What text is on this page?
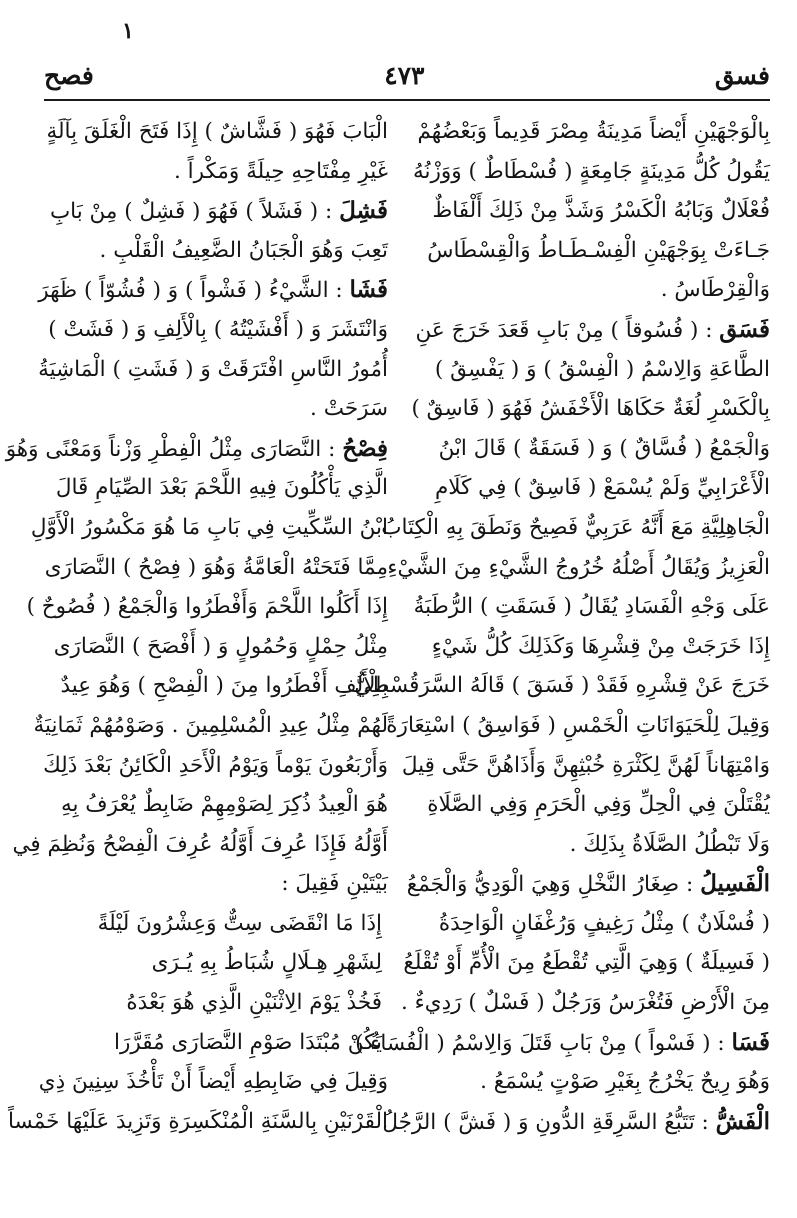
١
فسق
٤٧٣
فصح
بِالْوَجْهَيْنِ أَيْضاً مَدِينَةُ مِصْرَ قَدِيماً وَبَعْضُهُمْ
يَقُولُ كُلُّ مَدِينَةٍ جَامِعَةٍ ( فُسْطَاطٌ ) وَوَزْنُهُ
فُعْلَالٌ وَبَابُهُ الْكَسْرُ وَشَذَّ مِنْ ذَلِكَ أَلْفَاظٌ
جَـاءَتْ بِوَجْهَيْنِ الْفِسْـطَـاطُ وَالْقِسْطَاسُ
وَالْقِرْطَاسُ .
فَسَق : ( فُسُوقاً ) مِنْ بَابِ قَعَدَ خَرَجَ عَنِ
الطَّاعَةِ وَالِاسْمُ ( الْفِسْقُ ) وَ ( يَفْسِقُ )
بِالْكَسْرِ لُغَةٌ حَكَاهَا الْأَخْفَشُ فَهُوَ ( فَاسِقٌ )
وَالْجَمْعُ ( فُسَّاقٌ ) وَ ( فَسَقَةٌ ) قَالَ ابْنُ
الْأَعْرَابِيِّ وَلَمْ يُسْمَعْ ( فَاسِقٌ ) فِي كَلَامِ
الْجَاهِلِيَّةِ مَعَ أَنَّهُ عَرَبِيٌّ فَصِيحٌ وَنَطَقَ بِهِ الْكِتَابُ
الْعَزِيزُ وَيُقَالُ أَصْلُهُ خُرُوجُ الشَّيْءِ مِنَ الشَّيْءِ
عَلَى وَجْهِ الْفَسَادِ يُقَالُ ( فَسَقَتِ ) الرُّطَبَةُ
إِذَا خَرَجَتْ مِنْ قِشْرِهَا وَكَذَلِكَ كُلُّ شَيْءٍ
خَرَجَ عَنْ قِشْرِهِ فَقَدْ ( فَسَقَ ) قَالَهُ السَّرَقُسْطِيُّ
وَقِيلَ لِلْحَيَوَانَاتِ الْخَمْسِ ( فَوَاسِقُ ) اسْتِعَارَةً
وَامْتِهَاناً لَهُنَّ لِكَثْرَةِ خُبْثِهِنَّ وَأَذَاهُنَّ حَتَّى قِيلَ
يُقْتَلْنَ فِي الْحِلِّ وَفِي الْحَرَمِ وَفِي الصَّلَاةِ
وَلَا تَبْطُلُ الصَّلَاةُ بِذَلِكَ .
الْفَسِيلُ : صِغَارُ النَّخْلِ وَهِيَ الْوَدِيُّ وَالْجَمْعُ
( فُسْلَانٌ ) مِثْلُ رَغِيفٍ وَرُغْفَانٍ الْوَاحِدَةُ
( فَسِيلَةٌ ) وَهِيَ الَّتِي تُقْطَعُ مِنَ الْأُمِّ أَوْ تُقْلَعُ
مِنَ الْأَرْضِ فَتُغْرَسُ وَرَجُلٌ ( فَسْلٌ ) رَدِيءٌ .
فَسَا : ( فَسْواً ) مِنْ بَابِ قَتَلَ وَالِاسْمُ ( الْفُسَاءُ )
وَهُوَ رِيحٌ يَخْرُجُ بِغَيْرِ صَوْتٍ يُسْمَعُ .
الْفَشُّ : تَتَبُّعُ السَّرِقَةِ الدُّونِ وَ ( فَشَّ ) الرَّجُلُ
الْبَابَ فَهُوَ ( فَشَّاشٌ ) إِذَا فَتَحَ الْغَلَقَ بِآلَةٍ
غَيْرِ مِفْتَاحِهِ حِيلَةً وَمَكْراً .
فَشِلَ : ( فَشَلاً ) فَهُوَ ( فَشِلٌ ) مِنْ بَابِ
تَعِبَ وَهُوَ الْجَبَانُ الضَّعِيفُ الْقَلْبِ .
فَشَا : الشَّيْءُ ( فَشْواً ) وَ ( فُشُوّاً ) ظَهَرَ
وَانْتَشَرَ وَ ( أَفْشَيْتُهُ ) بِالْأَلِفِ وَ ( فَشَتْ )
أُمُورُ النَّاسِ افْتَرَقَتْ وَ ( فَشَتِ ) الْمَاشِيَةُ
سَرَحَتْ .
فِصْحُ : النَّصَارَى مِثْلُ الْفِطْرِ وَزْناً وَمَعْنًى وَهُوَ
الَّذِي يَأْكُلُونَ فِيهِ اللَّحْمَ بَعْدَ الصِّيَامِ قَالَ
ابْنُ السِّكِّيتِ فِي بَابِ مَا هُوَ مَكْسُورُ الْأَوَّلِ
مِمَّا فَتَحَتْهُ الْعَامَّةُ وَهُوَ ( فِصْحُ ) النَّصَارَى
إِذَا أَكَلُوا اللَّحْمَ وَأَفْطَرُوا وَالْجَمْعُ ( فُصُوحٌ )
مِثْلُ حِمْلٍ وَحُمُولٍ وَ ( أَفْصَحَ ) النَّصَارَى
بِالْأَلِفِ أَفْطَرُوا مِنَ ( الْفِصْحِ ) وَهُوَ عِيدٌ
لَهُمْ مِثْلُ عِيدِ الْمُسْلِمِينَ . وَصَوْمُهُمْ ثَمَانِيَةٌ
وَأَرْبَعُونَ يَوْماً وَيَوْمُ الْأَحَدِ الْكَائِنُ بَعْدَ ذَلِكَ
هُوَ الْعِيدُ ذُكِرَ لِصَوْمِهِمْ ضَابِطٌ يُعْرَفُ بِهِ
أَوَّلُهُ فَإِذَا عُرِفَ أَوَّلُهُ عُرِفَ الْفِصْحُ وَنُظِمَ فِي
بَيْتَيْنِ فَقِيلَ :
إِذَا مَا انْقَضَى سِتٌّ وَعِشْرُونَ لَيْلَةً
لِشَهْرِ هِـلَالٍ شُبَاطُ بِهِ يُـرَى
فَخُذْ يَوْمَ الِاثْنَيْنِ الَّذِي هُوَ بَعْدَهُ
يَكُنْ مُبْتَدَا صَوْمِ النَّصَارَى مُقَرَّرَا
وَقِيلَ فِي ضَابِطِهِ أَيْضاً أَنْ تَأْخُذَ سِنِينَ ذِي
الْقَرْنَيْنِ بِالسَّنَةِ الْمُنْكَسِرَةِ وَتَزِيدَ عَلَيْهَا خَمْساً
